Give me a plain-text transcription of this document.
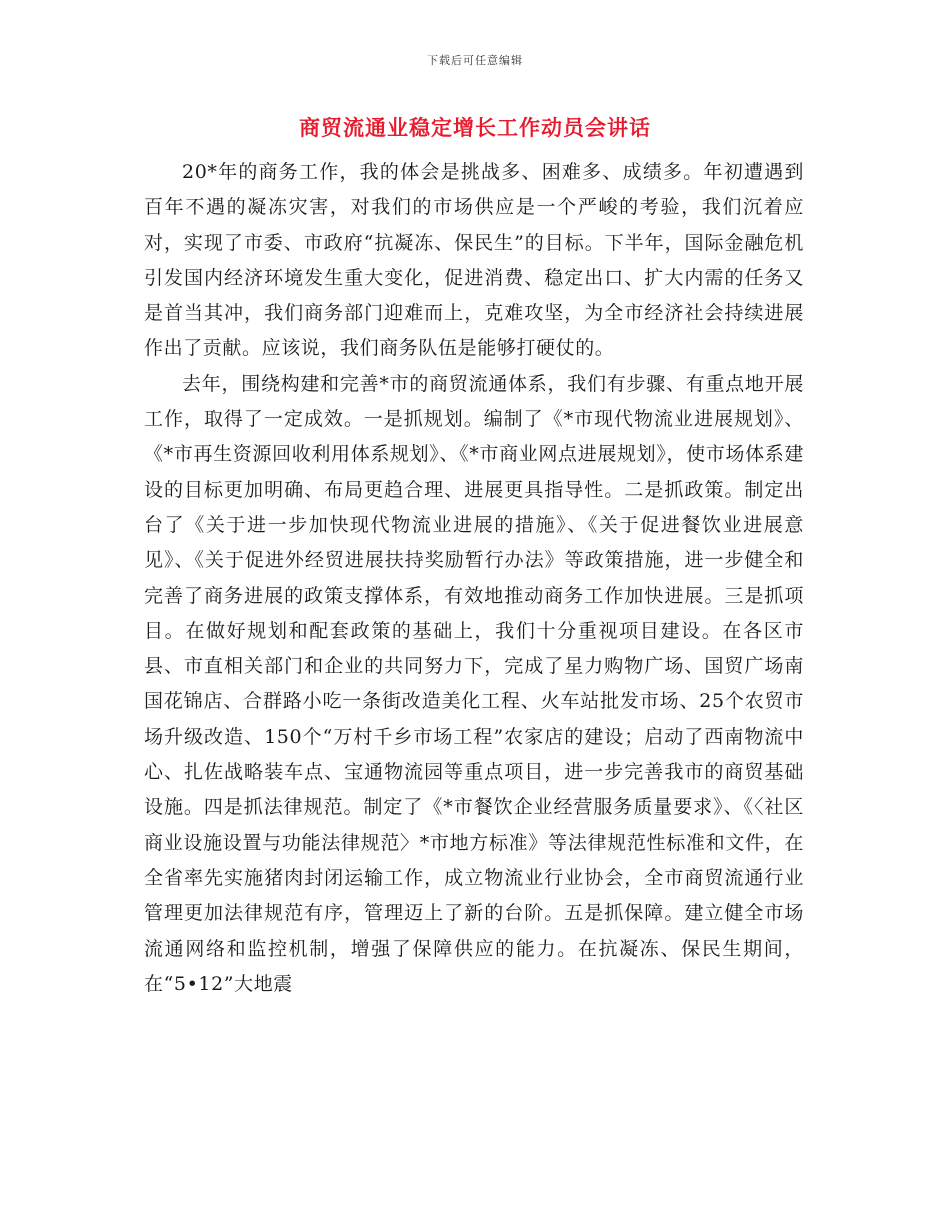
下载后可任意编辑
商贸流通业稳定增长工作动员会讲话

20*年的商务工作，我的体会是挑战多、困难多、成绩多。年初遭遇到百年不遇的凝冻灾害，对我们的市场供应是一个严峻的考验，我们沉着应对，实现了市委、市政府“抗凝冻、保民生”的目标。下半年，国际金融危机引发国内经济环境发生重大变化，促进消费、稳定出口、扩大内需的任务又是首当其冲，我们商务部门迎难而上，克难攻坚，为全市经济社会持续进展作出了贡献。应该说，我们商务队伍是能够打硬仗的。

去年，围绕构建和完善*市的商贸流通体系，我们有步骤、有重点地开展工作，取得了一定成效。一是抓规划。编制了《*市现代物流业进展规划》、《*市再生资源回收利用体系规划》、《*市商业网点进展规划》，使市场体系建设的目标更加明确、布局更趋合理、进展更具指导性。二是抓政策。制定出台了《关于进一步加快现代物流业进展的措施》、《关于促进餐饮业进展意见》、《关于促进外经贸进展扶持奖励暂行办法》等政策措施，进一步健全和完善了商务进展的政策支撑体系，有效地推动商务工作加快进展。三是抓项目。在做好规划和配套政策的基础上，我们十分重视项目建设。在各区市县、市直相关部门和企业的共同努力下，完成了星力购物广场、国贸广场南国花锦店、合群路小吃一条街改造美化工程、火车站批发市场、25个农贸市场升级改造、150个“万村千乡市场工程”农家店的建设；启动了西南物流中心、扎佐战略装车点、宝通物流园等重点项目，进一步完善我市的商贸基础设施。四是抓法律规范。制定了《*市餐饮企业经营服务质量要求》、《〈社区商业设施设置与功能法律规范〉*市地方标准》等法律规范性标准和文件，在全省率先实施猪肉封闭运输工作，成立物流业行业协会，全市商贸流通行业管理更加法律规范有序，管理迈上了新的台阶。五是抓保障。建立健全市场流通网络和监控机制，增强了保障供应的能力。在抗凝冻、保民生期间，在“5•12”大地震
